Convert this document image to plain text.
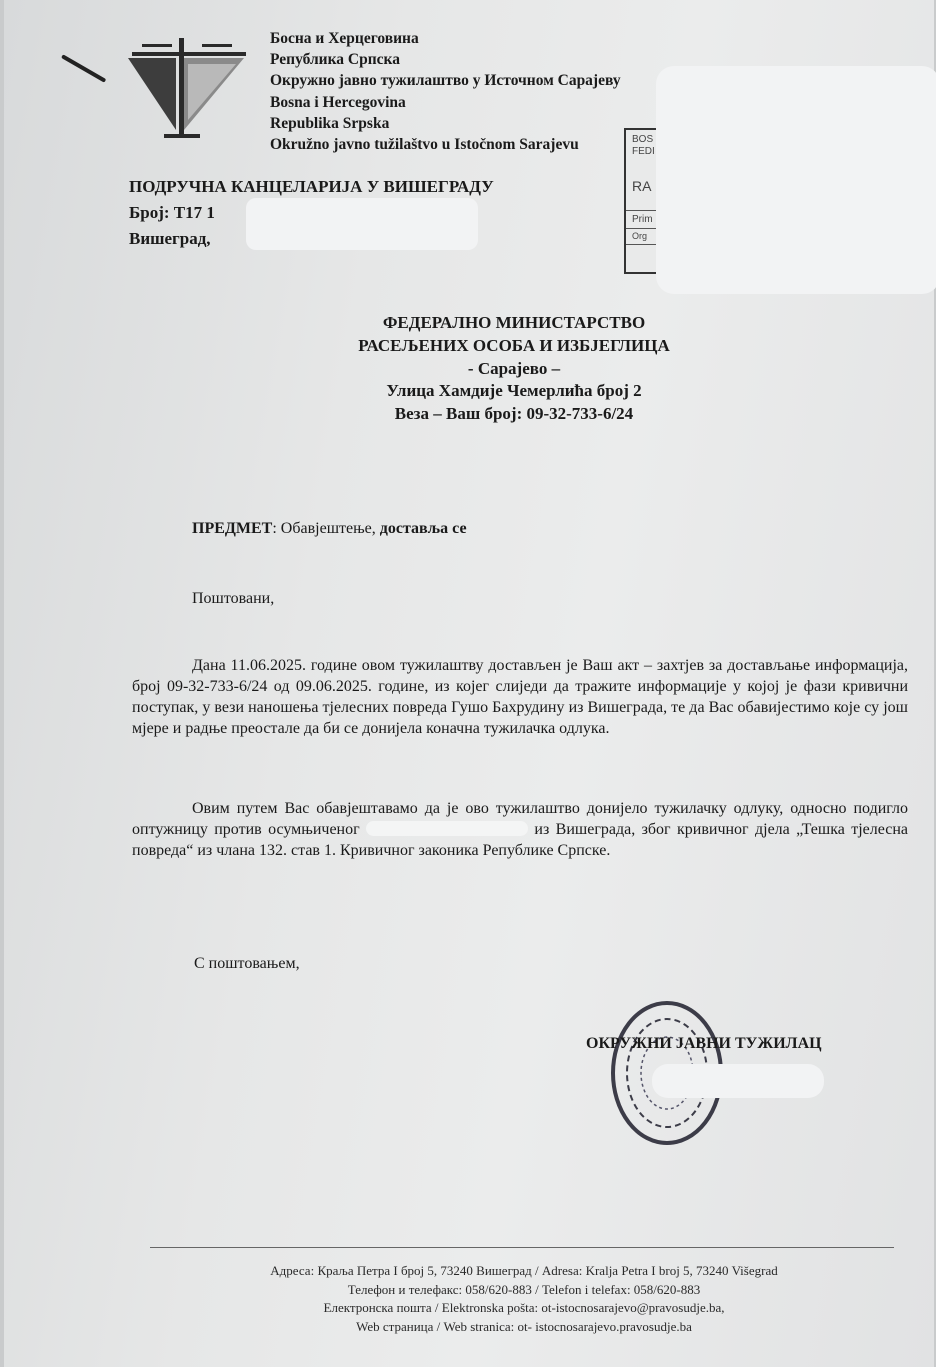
Босна и Херцеговина
Република Српска
Окружно јавно тужилаштво у Источном Сарајеву
Bosna i Hercegovina
Republika Srpska
Okružno javno tužilaštvo u Istočnom Sarajevu	BOS
FEDI
RA
Prim
Org
ПОДРУЧНА КАНЦЕЛАРИЈА У ВИШЕГРАДУ
Број: Т17 1
Вишеград,
ФЕДЕРАЛНО МИНИСТАРСТВО
РАСЕЉЕНИХ ОСОБА И ИЗБЈЕГЛИЦА
- Сарајево –
Улица Хамдије Чемерлића број 2
Веза – Ваш број: 09-32-733-6/24
ПРЕДМЕТ: Обавјештење, доставља се
Поштовани,
Дана 11.06.2025. године овом тужилаштву достављен је Ваш акт – захтјев за достављање информација, број 09-32-733-6/24 од 09.06.2025. године, из којег слиједи да тражите информације у којој је фази кривични поступак, у вези наношења тјелесних повреда Гушо Бахрудину из Вишеграда, те да Вас обавијестимо које су још мјере и радње преостале да би се донијела коначна тужилачка одлука.
Овим путем Вас обавјештавамо да је ово тужилаштво донијело тужилачку одлуку, односно подигло оптужницу против осумњиченог	из Вишеграда, због кривичног дјела „Тешка тјелесна повреда“ из члана 132. став 1. Кривичног законика Републике Српске.
С поштовањем,
ОКРУЖНИ ЈАВНИ ТУЖИЛАЦ
Адреса: Краља Петра I број 5, 73240 Вишеград / Adresa: Kralja Petra I broj 5, 73240 Višegrad
Телефон и телефакс: 058/620-883 / Telefon i telefax: 058/620-883
Електронска пошта / Elektronska pošta: ot-istocnosarajevo@pravosudje.ba,
Web страница / Web stranica: ot- istocnosarajevo.pravosudje.ba
